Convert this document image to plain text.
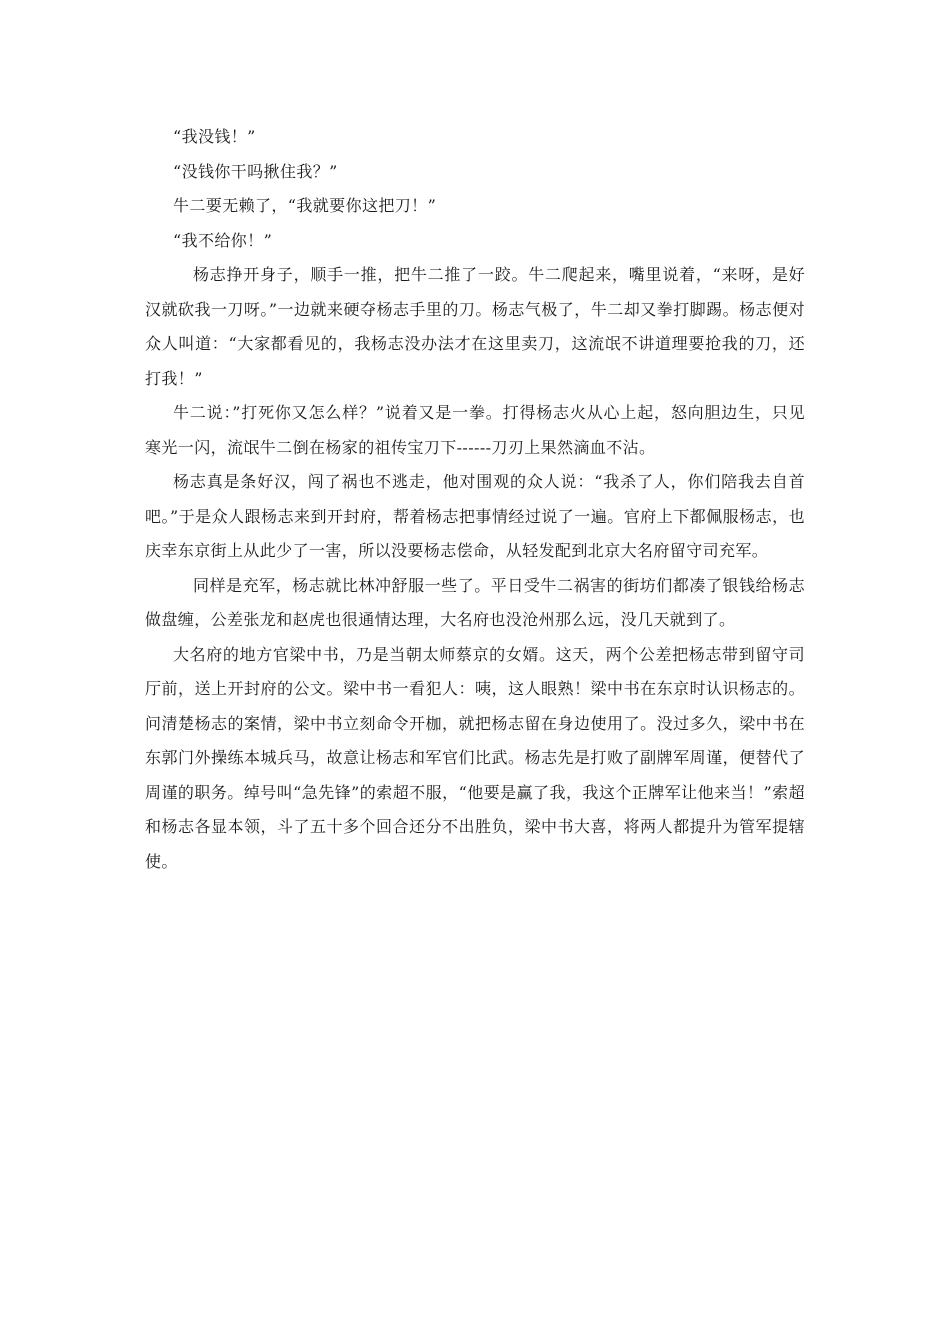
“我没钱！”

“没钱你干吗揪住我？”

牛二要无赖了，“我就要你这把刀！”

“我不给你！”

杨志挣开身子，顺手一推，把牛二推了一跤。牛二爬起来，嘴里说着，“来呀，是好汉就砍我一刀呀。”一边就来硬夺杨志手里的刀。杨志气极了，牛二却又拳打脚踢。杨志便对众人叫道：“大家都看见的，我杨志没办法才在这里卖刀，这流氓不讲道理要抢我的刀，还打我！”

牛二说：”打死你又怎么样？”说着又是一拳。打得杨志火从心上起，怒向胆边生，只见寒光一闪，流氓牛二倒在杨家的祖传宝刀下------刀刃上果然滴血不沾。

杨志真是条好汉，闯了祸也不逃走，他对围观的众人说：“我杀了人，你们陪我去自首吧。”于是众人跟杨志来到开封府，帮着杨志把事情经过说了一遍。官府上下都佩服杨志，也庆幸东京街上从此少了一害，所以没要杨志偿命，从轻发配到北京大名府留守司充军。

同样是充军，杨志就比林冲舒服一些了。平日受牛二祸害的街坊们都凑了银钱给杨志做盘缠，公差张龙和赵虎也很通情达理，大名府也没沧州那么远，没几天就到了。

大名府的地方官梁中书，乃是当朝太师蔡京的女婿。这天，两个公差把杨志带到留守司厅前，送上开封府的公文。梁中书一看犯人：咦，这人眼熟！梁中书在东京时认识杨志的。问清楚杨志的案情，梁中书立刻命令开枷，就把杨志留在身边使用了。没过多久，梁中书在东郭门外操练本城兵马，故意让杨志和军官们比武。杨志先是打败了副牌军周谨，便替代了周谨的职务。绰号叫“急先锋”的索超不服，“他要是赢了我，我这个正牌军让他来当！”索超和杨志各显本领，斗了五十多个回合还分不出胜负，梁中书大喜，将两人都提升为管军提辖使。
